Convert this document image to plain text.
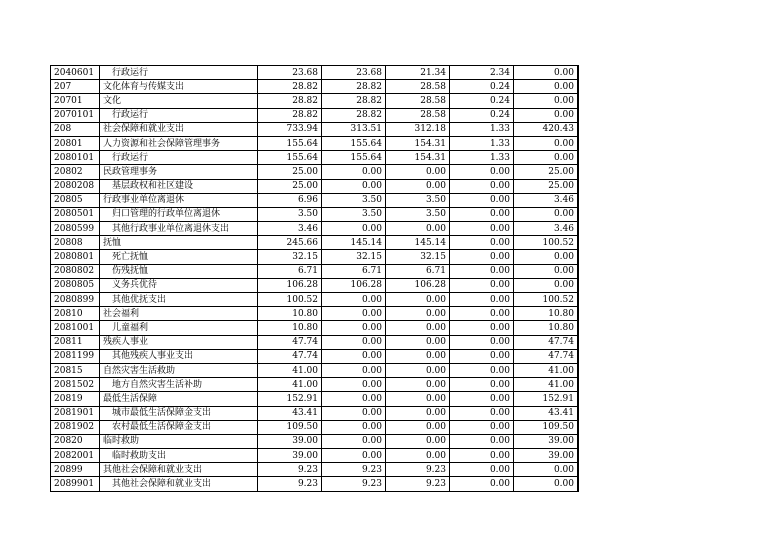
2040601	行政运行	23.68	23.68	21.34	2.34	0.00	
207	文化体育与传媒支出	28.82	28.82	28.58	0.24	0.00	
20701	文化	28.82	28.82	28.58	0.24	0.00	
2070101	行政运行	28.82	28.82	28.58	0.24	0.00	
208	社会保障和就业支出	733.94	313.51	312.18	1.33	420.43	
20801	人力资源和社会保障管理事务	155.64	155.64	154.31	1.33	0.00	
2080101	行政运行	155.64	155.64	154.31	1.33	0.00	
20802	民政管理事务	25.00	0.00	0.00	0.00	25.00	
2080208	基层政权和社区建设	25.00	0.00	0.00	0.00	25.00	
20805	行政事业单位离退休	6.96	3.50	3.50	0.00	3.46	
2080501	归口管理的行政单位离退休	3.50	3.50	3.50	0.00	0.00	
2080599	其他行政事业单位离退休支出	3.46	0.00	0.00	0.00	3.46	
20808	抚恤	245.66	145.14	145.14	0.00	100.52	
2080801	死亡抚恤	32.15	32.15	32.15	0.00	0.00	
2080802	伤残抚恤	6.71	6.71	6.71	0.00	0.00	
2080805	义务兵优待	106.28	106.28	106.28	0.00	0.00	
2080899	其他优抚支出	100.52	0.00	0.00	0.00	100.52	
20810	社会福利	10.80	0.00	0.00	0.00	10.80	
2081001	儿童福利	10.80	0.00	0.00	0.00	10.80	
20811	残疾人事业	47.74	0.00	0.00	0.00	47.74	
2081199	其他残疾人事业支出	47.74	0.00	0.00	0.00	47.74	
20815	自然灾害生活救助	41.00	0.00	0.00	0.00	41.00	
2081502	地方自然灾害生活补助	41.00	0.00	0.00	0.00	41.00	
20819	最低生活保障	152.91	0.00	0.00	0.00	152.91	
2081901	城市最低生活保障金支出	43.41	0.00	0.00	0.00	43.41	
2081902	农村最低生活保障金支出	109.50	0.00	0.00	0.00	109.50	
20820	临时救助	39.00	0.00	0.00	0.00	39.00	
2082001	临时救助支出	39.00	0.00	0.00	0.00	39.00	
20899	其他社会保障和就业支出	9.23	9.23	9.23	0.00	0.00	
2089901	其他社会保障和就业支出	9.23	9.23	9.23	0.00	0.00	
